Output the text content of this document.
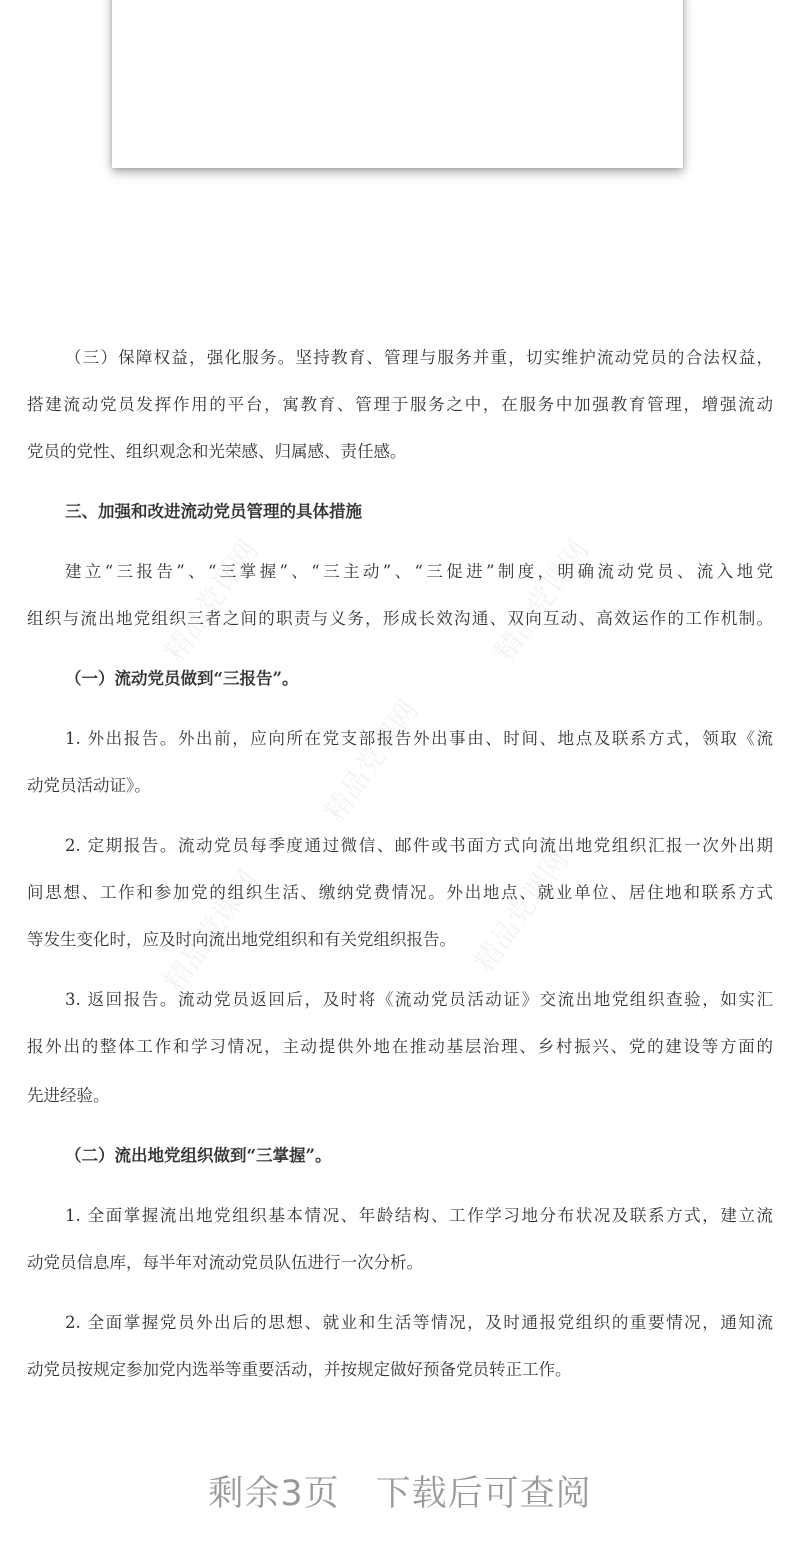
精品党课网	精品党课网
精品党课网
精品党课网	精品党课网
（三）保障权益，强化服务。坚持教育、管理与服务并重，切实维护流动党员的合法权益，
搭建流动党员发挥作用的平台，寓教育、管理于服务之中，在服务中加强教育管理，增强流动
党员的党性、组织观念和光荣感、归属感、责任感。
三、加强和改进流动党员管理的具体措施
建立“三报告”、“三掌握”、“三主动”、“三促进”制度，明确流动党员、流入地党
组织与流出地党组织三者之间的职责与义务，形成长效沟通、双向互动、高效运作的工作机制。
（一）流动党员做到“三报告”。
1. 外出报告。外出前，应向所在党支部报告外出事由、时间、地点及联系方式，领取《流
动党员活动证》。
2. 定期报告。流动党员每季度通过微信、邮件或书面方式向流出地党组织汇报一次外出期
间思想、工作和参加党的组织生活、缴纳党费情况。外出地点、就业单位、居住地和联系方式
等发生变化时，应及时向流出地党组织和有关党组织报告。
3. 返回报告。流动党员返回后，及时将《流动党员活动证》交流出地党组织查验，如实汇
报外出的整体工作和学习情况，主动提供外地在推动基层治理、乡村振兴、党的建设等方面的
先进经验。
（二）流出地党组织做到“三掌握”。
1. 全面掌握流出地党组织基本情况、年龄结构、工作学习地分布状况及联系方式，建立流
动党员信息库，每半年对流动党员队伍进行一次分析。
2. 全面掌握党员外出后的思想、就业和生活等情况，及时通报党组织的重要情况，通知流
动党员按规定参加党内选举等重要活动，并按规定做好预备党员转正工作。
剩余3页　下载后可查阅
